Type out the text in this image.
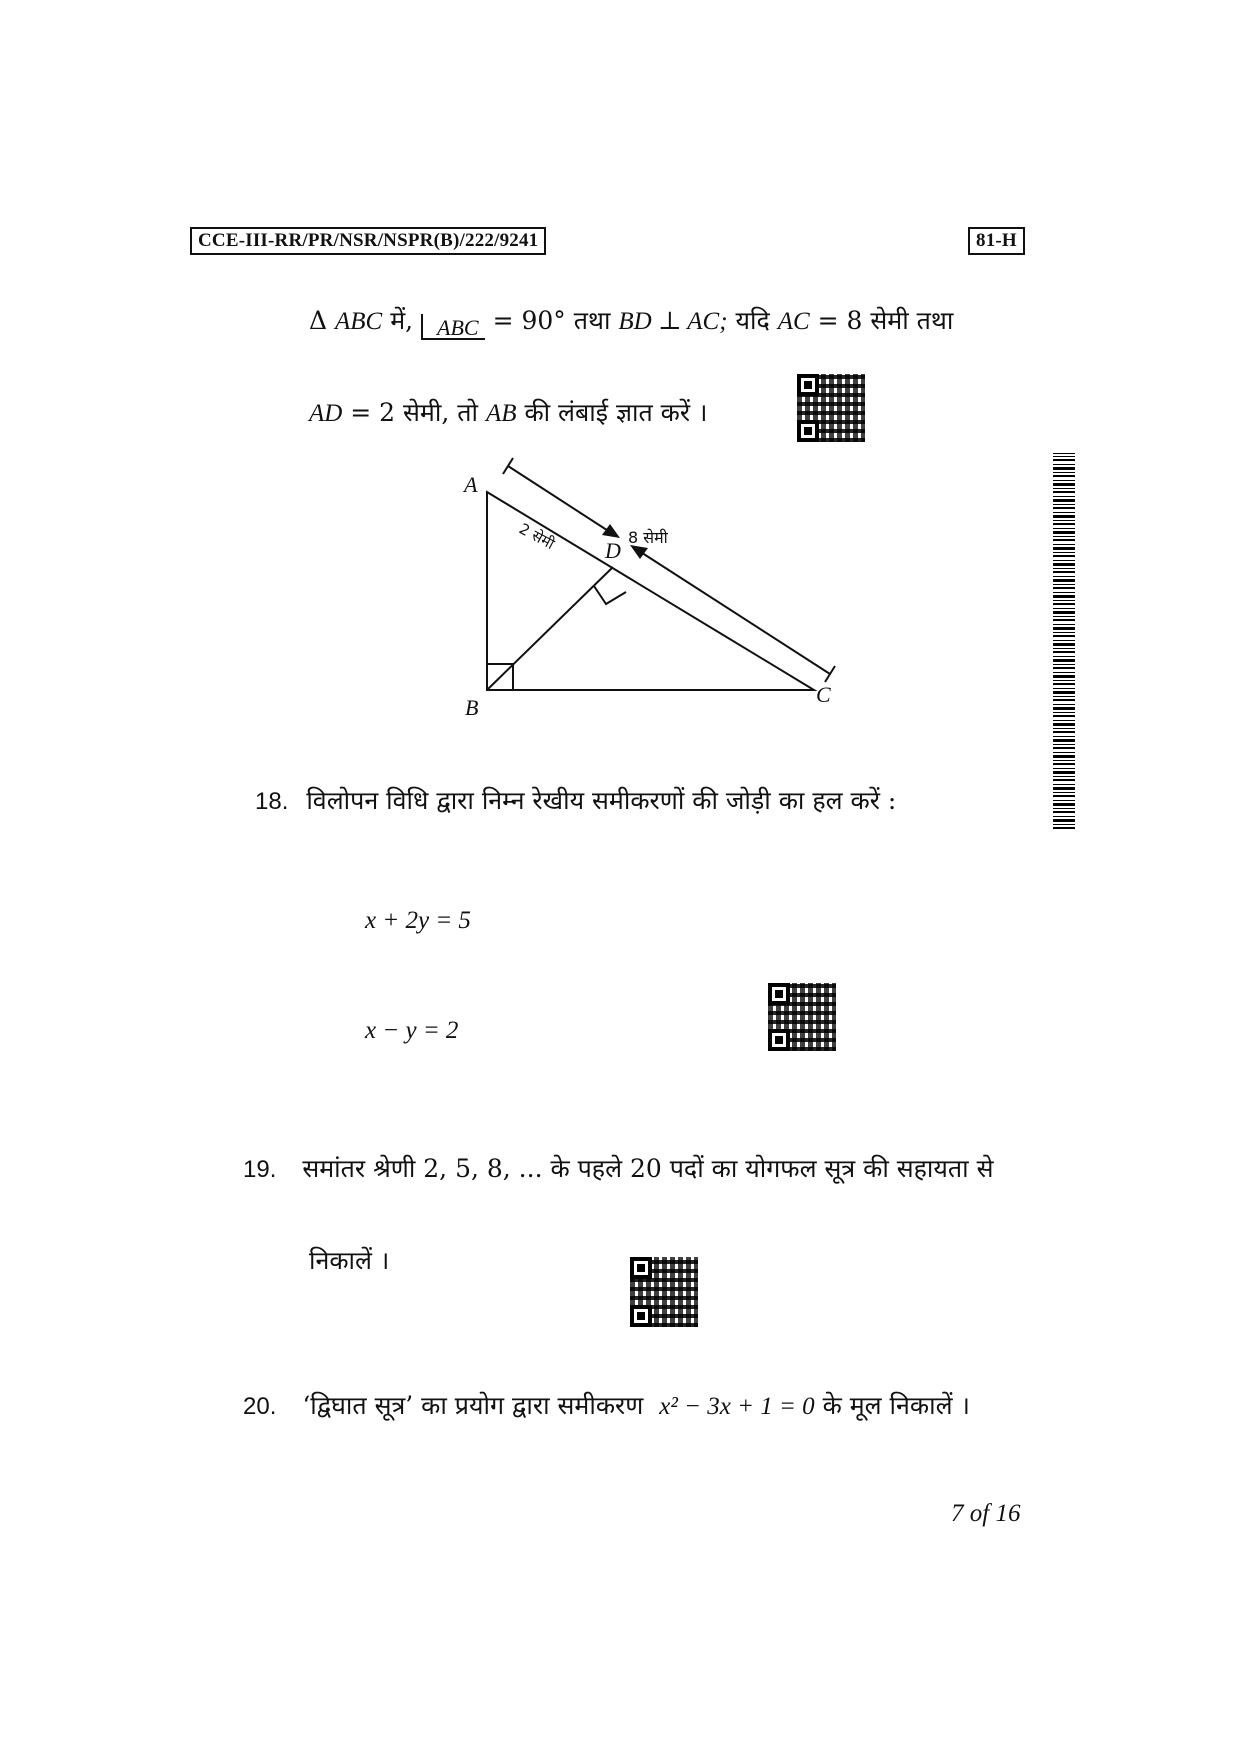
CCE-III-RR/PR/NSR/NSPR(B)/222/9241	81-H
Δ ABC में, ABC = 90° तथा BD ⊥ AC; यदि AC = 8 सेमी तथा
AD = 2 सेमी, तो AB की लंबाई ज्ञात करें ।
A
B
C
D
2 सेमी	8 सेमी
18. विलोपन विधि द्वारा निम्न रेखीय समीकरणों की जोड़ी का हल करें :
x + 2y = 5
x − y = 2
19. समांतर श्रेणी 2, 5, 8, ... के पहले 20 पदों का योगफल सूत्र की सहायता से
निकालें ।
20. ‘द्विघात सूत्र’ का प्रयोग द्वारा समीकरण x² − 3x + 1 = 0 के मूल निकालें ।
7 of 16
